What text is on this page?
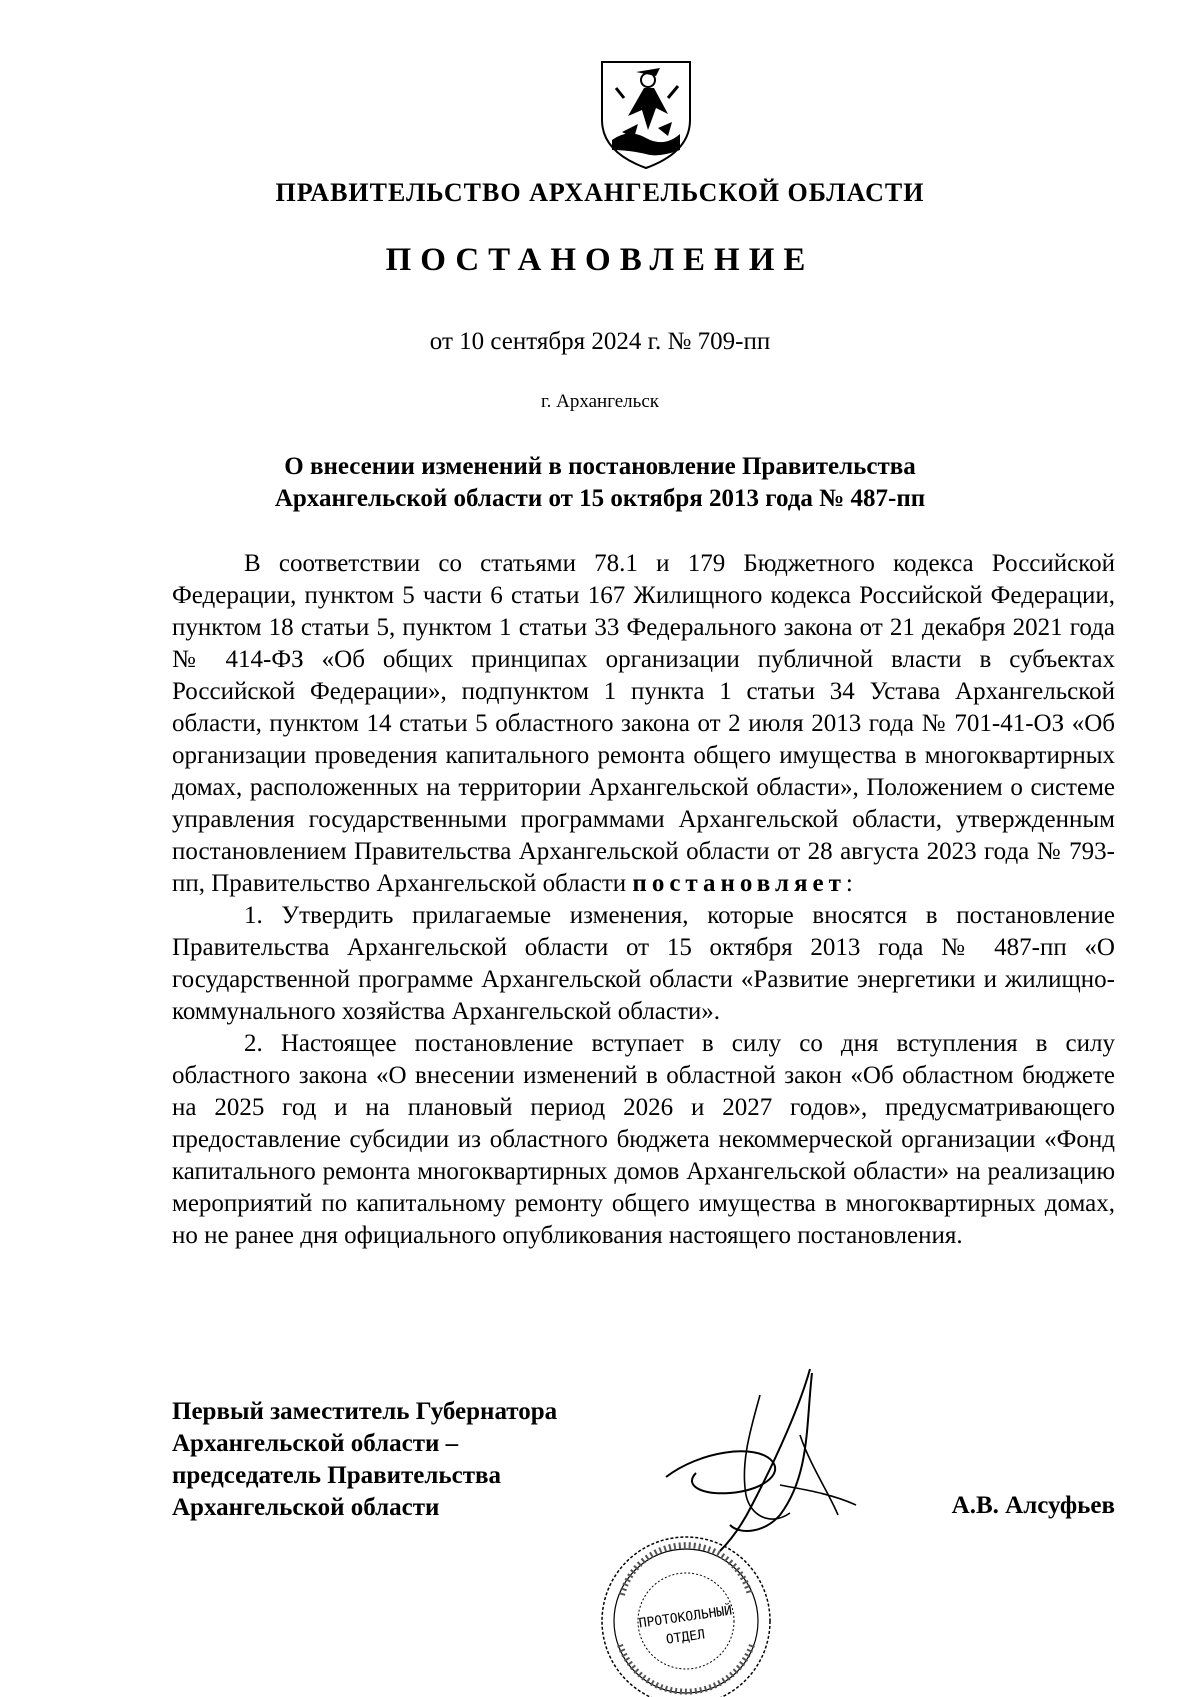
ПРАВИТЕЛЬСТВО АРХАНГЕЛЬСКОЙ ОБЛАСТИ
ПОСТАНОВЛЕНИЕ
от 10 сентября 2024 г. № 709-пп
г. Архангельск
О внесении изменений в постановление Правительства
Архангельской области от 15 октября 2013 года № 487-пп

В соответствии со статьями 78.1 и 179 Бюджетного кодекса Российской Федерации, пунктом 5 части 6 статьи 167 Жилищного кодекса Российской Федерации, пунктом 18 статьи 5, пунктом 1 статьи 33 Федерального закона от 21 декабря 2021 года № 414-ФЗ «Об общих принципах организации публичной власти в субъектах Российской Федерации», подпунктом 1 пункта 1 статьи 34 Устава Архангельской области, пунктом 14 статьи 5 областного закона от 2 июля 2013 года № 701-41-ОЗ «Об организации проведения капитального ремонта общего имущества в многоквартирных домах, расположенных на территории Архангельской области», Положением о системе управления государственными программами Архангельской области, утвержденным постановлением Правительства Архангельской области от 28 августа 2023 года № 793-пп, Правительство Архангельской области постановляет:

1. Утвердить прилагаемые изменения, которые вносятся в постановление Правительства Архангельской области от 15 октября 2013 года № 487-пп «О государственной программе Архангельской области «Развитие энергетики и жилищно-коммунального хозяйства Архангельской области».

2. Настоящее постановление вступает в силу со дня вступления в силу областного закона «О внесении изменений в областной закон «Об областном бюджете на 2025 год и на плановый период 2026 и 2027 годов», предусматривающего предоставление субсидии из областного бюджета некоммерческой организации «Фонд капитального ремонта многоквартирных домов Архангельской области» на реализацию мероприятий по капитальному ремонту общего имущества в многоквартирных домах, но не ранее дня официального опубликования настоящего постановления.

Первый заместитель Губернатора
Архангельской области –
председатель Правительства
Архангельской области	А.В. Алсуфьев
ПРОТОКОЛЬНЫЙ
ОТДЕЛ
